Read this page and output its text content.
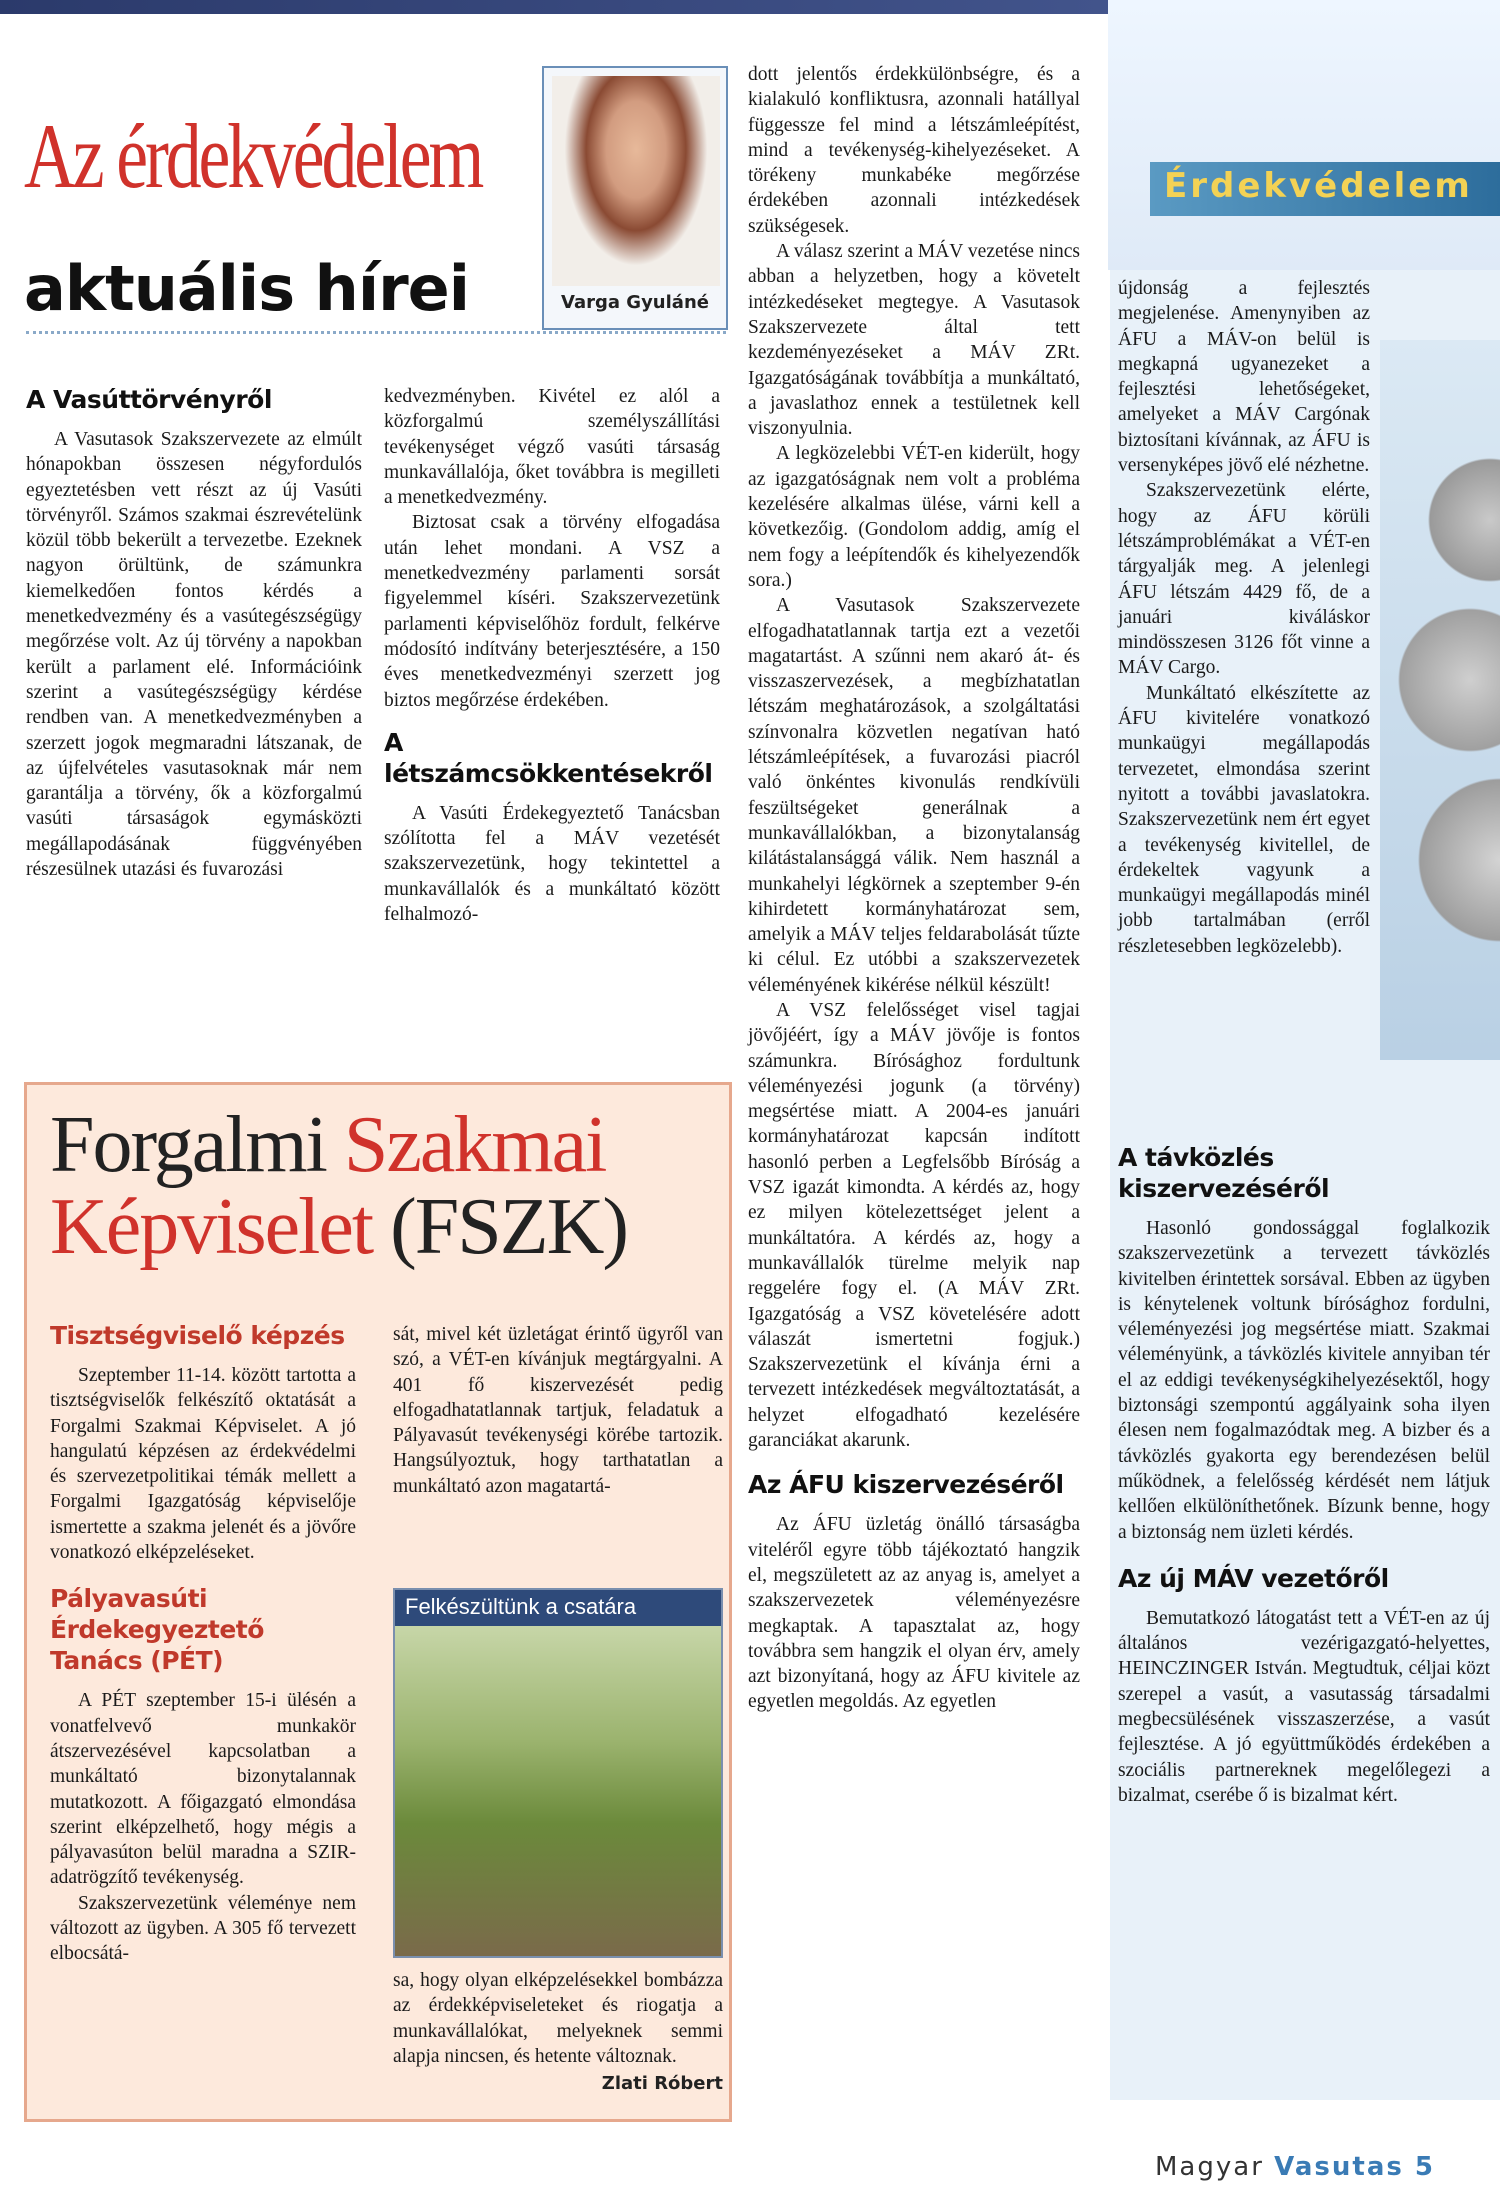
Érdekvédelem
Az érdekvédelem
aktuális hírei	Varga Gyuláné
A Vasúttörvényről

A Vasutasok Szakszervezete az elmúlt hónapokban összesen négyfordulós egyeztetésben vett részt az új Vasúti törvényről. Számos szakmai észrevételünk közül több bekerült a tervezetbe. Ezeknek nagyon örültünk, de számunkra kiemelkedően fontos kérdés a menetkedvezmény és a vasútegészségügy megőrzése volt. Az új törvény a napokban került a parlament elé. Információink szerint a vasútegészségügy kérdése rendben van. A menetkedvezményben a szerzett jogok megmaradni látszanak, de az újfelvételes vasutasoknak már nem garantálja a törvény, ők a közforgalmú vasúti társaságok egymásközti megállapodásának függvényében részesülnek utazási és fuvarozási

kedvezményben. Kivétel ez alól a közforgalmú személyszállítási tevékenységet végző vasúti társaság munkavállalója, őket továbbra is megilleti a menetkedvezmény.

Biztosat csak a törvény elfogadása után lehet mondani. A VSZ a menetkedvezmény parlamenti sorsát figyelemmel kíséri. Szakszervezetünk parlamenti képviselőhöz fordult, felkérve módosító indítvány beterjesztésére, a 150 éves menetkedvezményi szerzett jog biztos megőrzése érdekében.

A létszámcsökkentésekről

A Vasúti Érdekegyeztető Tanácsban szólította fel a MÁV vezetését szakszervezetünk, hogy tekintettel a munkavállalók és a munkáltató között felhalmozó-

dott jelentős érdekkülönbségre, és a kialakuló konfliktusra, azonnali hatállyal függessze fel mind a létszámleépítést, mind a tevékenység-kihelyezéseket. A törékeny munkabéke megőrzése érdekében azonnali intézkedések szükségesek.

A válasz szerint a MÁV vezetése nincs abban a helyzetben, hogy a követelt intézkedéseket megtegye. A Vasutasok Szakszervezete által tett kezdeményezéseket a MÁV ZRt. Igazgatóságának továbbítja a munkáltató, a javaslathoz ennek a testületnek kell viszonyulnia.

A legközelebbi VÉT-en kiderült, hogy az igazgatóságnak nem volt a probléma kezelésére alkalmas ülése, várni kell a következőig. (Gondolom addig, amíg el nem fogy a leépítendők és kihelyezendők sora.)

A Vasutasok Szakszervezete elfogadhatatlannak tartja ezt a vezetői magatartást. A szűnni nem akaró át- és visszaszervezések, a megbízhatatlan létszám meghatározások, a szolgáltatási színvonalra közvetlen negatívan ható létszámleépítések, a fuvarozási piacról való önkéntes kivonulás rendkívüli feszültségeket generálnak a munkavállalókban, a bizonytalanság kilátástalansággá válik. Nem használ a munkahelyi légkörnek a szeptember 9-én kihirdetett kormányhatározat sem, amelyik a MÁV teljes feldarabolását tűzte ki célul. Ez utóbbi a szakszervezetek véleményének kikérése nélkül készült!

A VSZ felelősséget visel tagjai jövőjéért, így a MÁV jövője is fontos számunkra. Bírósághoz fordultunk véleményezési jogunk (a törvény) megsértése miatt. A 2004-es januári kormányhatározat kapcsán indított hasonló perben a Legfelsőbb Bíróság a VSZ igazát kimondta. A kérdés az, hogy ez milyen kötelezettséget jelent a munkáltatóra. A kérdés az, hogy a munkavállalók türelme melyik nap reggelére fogy el. (A MÁV ZRt. Igazgatóság a VSZ követelésére adott válaszát ismertetni fogjuk.) Szakszervezetünk el kívánja érni a tervezett intézkedések megváltoztatását, a helyzet elfogadható kezelésére garanciákat akarunk.

Az ÁFU kiszervezéséről

Az ÁFU üzletág önálló társaságba viteléről egyre több tájékoztató hangzik el, megszületett az az anyag is, amelyet a szakszervezetek véleményezésre megkaptak. A tapasztalat az, hogy továbbra sem hangzik el olyan érv, amely azt bizonyítaná, hogy az ÁFU kivitele az egyetlen megoldás. Az egyetlen

újdonság a fejlesztés megjelenése. Amenynyiben az ÁFU a MÁV-on belül is megkapná ugyanezeket a fejlesztési lehetőségeket, amelyeket a MÁV Cargónak biztosítani kívánnak, az ÁFU is versenyképes jövő elé nézhetne.

Szakszervezetünk elérte, hogy az ÁFU körüli létszámproblémákat a VÉT-en tárgyalják meg. A jelenlegi ÁFU létszám 4429 fő, de a januári kiváláskor mindösszesen 3126 főt vinne a MÁV Cargo.

Munkáltató elkészítette az ÁFU kivitelére vonatkozó munkaügyi megállapodás tervezetet, elmondása szerint nyitott a további javaslatokra. Szakszervezetünk nem ért egyet a tevékenység kivitellel, de érdekeltek vagyunk a munkaügyi megállapodás minél jobb tartalmában (erről részletesebben legközelebb).

A távközlés kiszervezéséről

Hasonló gondossággal foglalkozik szakszervezetünk a tervezett távközlés kivitelben érintettek sorsával. Ebben az ügyben is kénytelenek voltunk bírósághoz fordulni, véleményezési jog megsértése miatt. Szakmai véleményünk, a távközlés kivitele annyiban tér el az eddigi tevékenységkihelyezésektől, hogy biztonsági szempontú aggályaink soha ilyen élesen nem fogalmazódtak meg. A bizber és a távközlés gyakorta egy berendezésen belül működnek, a felelősség kérdését nem látjuk kellően elkülöníthetőnek. Bízunk benne, hogy a biztonság nem üzleti kérdés.

Az új MÁV vezetőről

Bemutatkozó látogatást tett a VÉT-en az új általános vezérigazgató-helyettes, HEINCZINGER István. Megtudtuk, céljai közt szerepel a vasút, a vasutasság társadalmi megbecsülésének visszaszerzése, a vasút fejlesztése. A jó együttműködés érdekében a szociális partnereknek megelőlegezi a bizalmat, cserébe ő is bizalmat kért.

Forgalmi Szakmai
Képviselet (FSZK)
Tisztségviselő képzés

Szeptember 11-14. között tartotta a tisztségviselők felkészítő oktatását a Forgalmi Szakmai Képviselet. A jó hangulatú képzésen az érdekvédelmi és szervezetpolitikai témák mellett a Forgalmi Igazgatóság képviselője ismertette a szakma jelenét és a jövőre vonatkozó elképzeléseket.

Pályavasúti Érdekegyeztető Tanács (PÉT)

A PÉT szeptember 15-i ülésén a vonatfelvevő munkakör átszervezésével kapcsolatban a munkáltató bizonytalannak mutatkozott. A főigazgató elmondása szerint elképzelhető, hogy mégis a pályavasúton belül maradna a SZIR-adatrögzítő tevékenység.

Szakszervezetünk véleménye nem változott az ügyben. A 305 fő tervezett elbocsátá-

sát, mivel két üzletágat érintő ügyről van szó, a VÉT-en kívánjuk megtárgyalni. A 401 fő kiszervezését pedig elfogadhatatlannak tartjuk, feladatuk a Pályavasút tevékenységi körébe tartozik. Hangsúlyoztuk, hogy tarthatatlan a munkáltató azon magatartá-

Felkészültünk a csatára

sa, hogy olyan elképzelésekkel bombázza az érdekképviseleteket és riogatja a munkavállalókat, melyeknek semmi alapja nincsen, és hetente változnak.

Zlati Róbert
Magyar Vasutas 5
